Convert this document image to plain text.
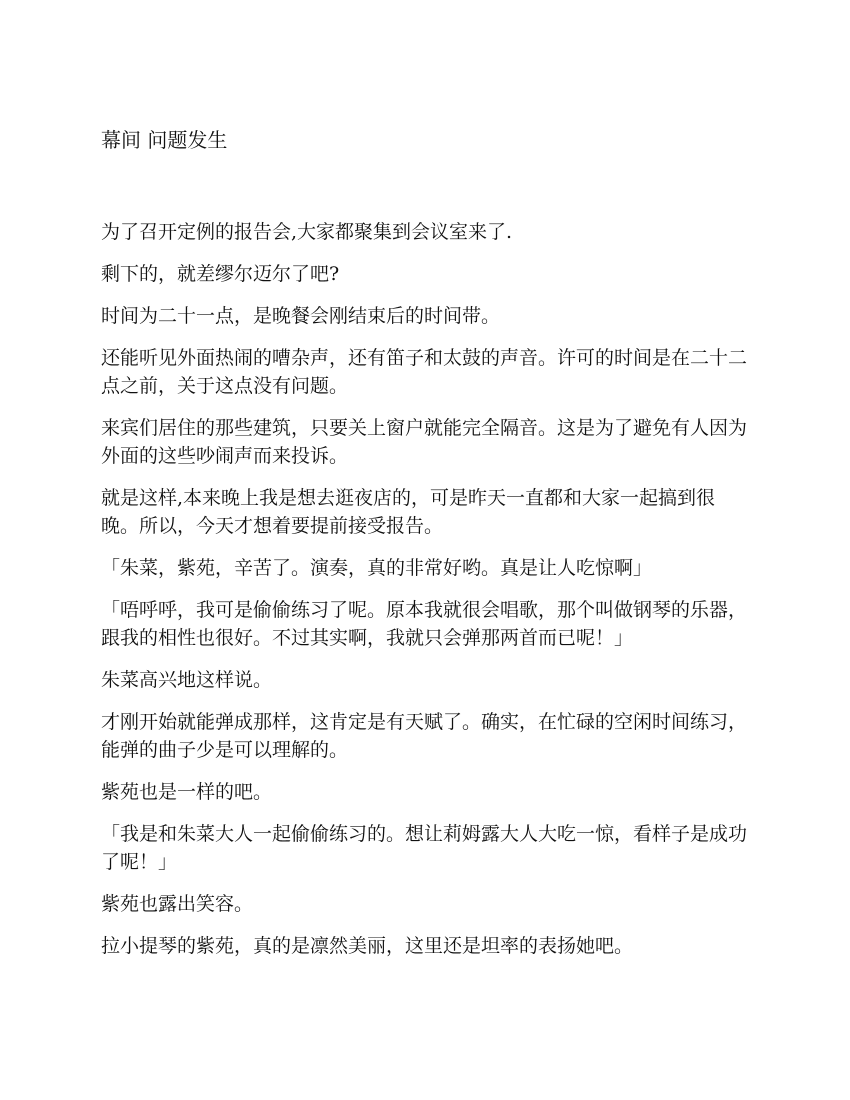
幕间 问题发生

为了召开定例的报告会,大家都聚集到会议室来了.

剩下的，就差缪尔迈尔了吧?

时间为二十一点，是晚餐会刚结束后的时间带。

还能听见外面热闹的嘈杂声，还有笛子和太鼓的声音。许可的时间是在二十二点之前，关于这点没有问题。

来宾们居住的那些建筑，只要关上窗户就能完全隔音。这是为了避免有人因为外面的这些吵闹声而来投诉。

就是这样,本来晚上我是想去逛夜店的，可是昨天一直都和大家一起搞到很晚。所以，今天才想着要提前接受报告。

「朱菜，紫苑，辛苦了。演奏，真的非常好哟。真是让人吃惊啊」

「唔呼呼，我可是偷偷练习了呢。原本我就很会唱歌，那个叫做钢琴的乐器，跟我的相性也很好。不过其实啊，我就只会弹那两首而已呢！」

朱菜高兴地这样说。

才刚开始就能弹成那样，这肯定是有天赋了。确实，在忙碌的空闲时间练习，能弹的曲子少是可以理解的。

紫苑也是一样的吧。

「我是和朱菜大人一起偷偷练习的。想让莉姆露大人大吃一惊，看样子是成功了呢！」

紫苑也露出笑容。

拉小提琴的紫苑，真的是凛然美丽，这里还是坦率的表扬她吧。
